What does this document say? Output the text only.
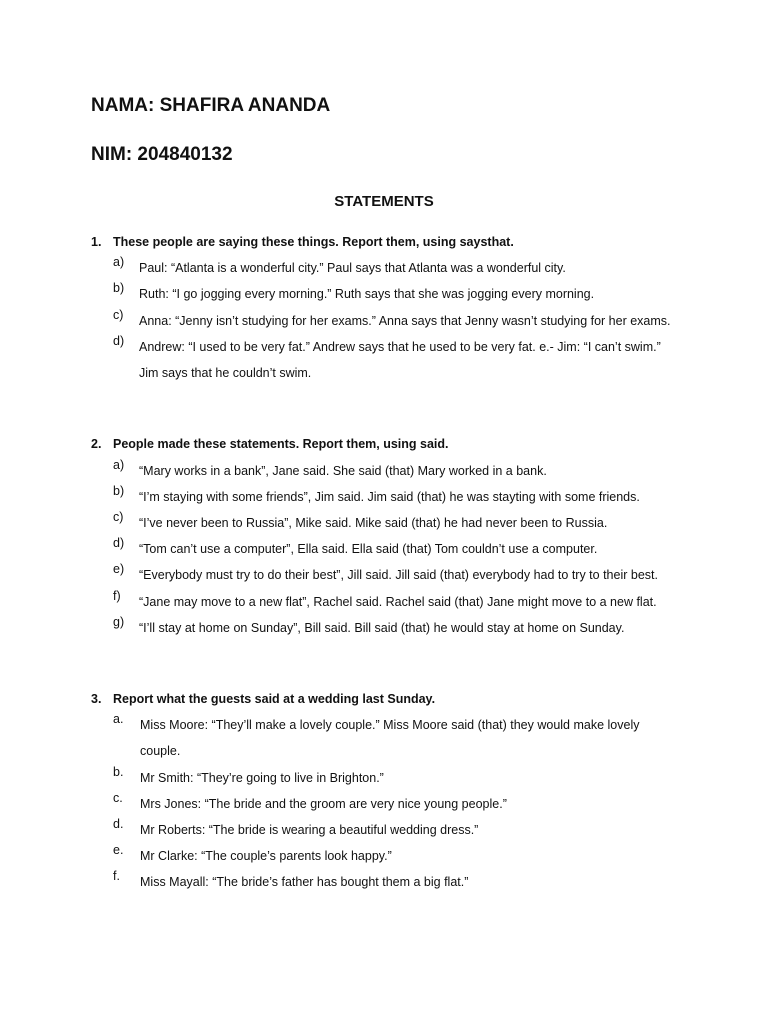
NAMA: SHAFIRA ANANDA
NIM: 204840132
STATEMENTS
1. These people are saying these things. Report them, using saysthat.
a) Paul: “Atlanta is a wonderful city.” Paul says that Atlanta was a wonderful city.
b) Ruth: “I go jogging every morning.” Ruth says that she was jogging every morning.
c) Anna: “Jenny isn’t studying for her exams.” Anna says that Jenny wasn’t studying for her exams.
d) Andrew: “I used to be very fat.” Andrew says that he used to be very fat. e.- Jim: “I can’t swim.” Jim says that he couldn’t swim.
2. People made these statements. Report them, using said.
a) “Mary works in a bank”, Jane said. She said (that) Mary worked in a bank.
b) “I’m staying with some friends”, Jim said. Jim said (that) he was stayting with some friends.
c) “I’ve never been to Russia”, Mike said. Mike said (that) he had never been to Russia.
d) “Tom can’t use a computer”, Ella said. Ella said (that) Tom couldn’t use a computer.
e) “Everybody must try to do their best”, Jill said. Jill said (that) everybody had to try to their best.
f) “Jane may move to a new flat”, Rachel said. Rachel said (that) Jane might move to a new flat.
g) “I’ll stay at home on Sunday”, Bill said. Bill said (that) he would stay at home on Sunday.
3. Report what the guests said at a wedding last Sunday.
a. Miss Moore: “They’ll make a lovely couple.” Miss Moore said (that) they would make lovely couple.
b. Mr Smith: “They’re going to live in Brighton.”
c. Mrs Jones: “The bride and the groom are very nice young people.”
d. Mr Roberts: “The bride is wearing a beautiful wedding dress.”
e. Mr Clarke: “The couple’s parents look happy.”
f. Miss Mayall: “The bride’s father has bought them a big flat.”
